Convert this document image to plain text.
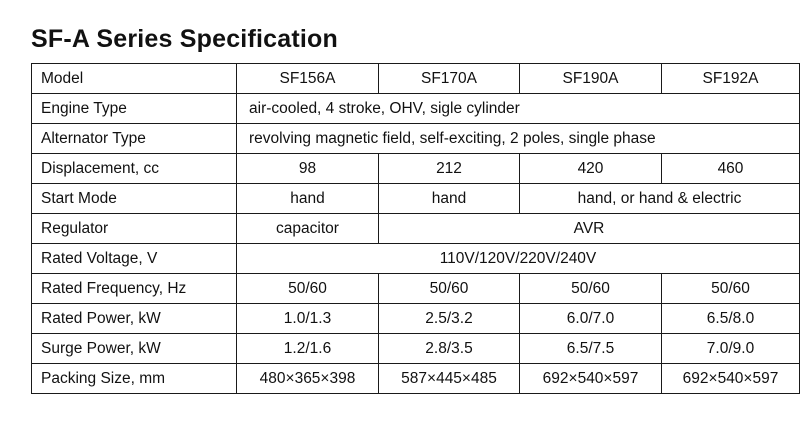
SF-A Series Specification
Model	SF156A	SF170A	SF190A	SF192A
Engine Type	air-cooled, 4 stroke, OHV, sigle cylinder			
Alternator Type	revolving magnetic field, self-exciting, 2 poles, single phase			
Displacement, cc	98	212	420	460
Start Mode	hand	hand	hand, or hand & electric	
Regulator	capacitor	AVR		
Rated Voltage, V	110V/120V/220V/240V			
Rated Frequency, Hz	50/60	50/60	50/60	50/60
Rated Power, kW	1.0/1.3	2.5/3.2	6.0/7.0	6.5/8.0
Surge Power, kW	1.2/1.6	2.8/3.5	6.5/7.5	7.0/9.0
Packing Size, mm	480×365×398	587×445×485	692×540×597	692×540×597
